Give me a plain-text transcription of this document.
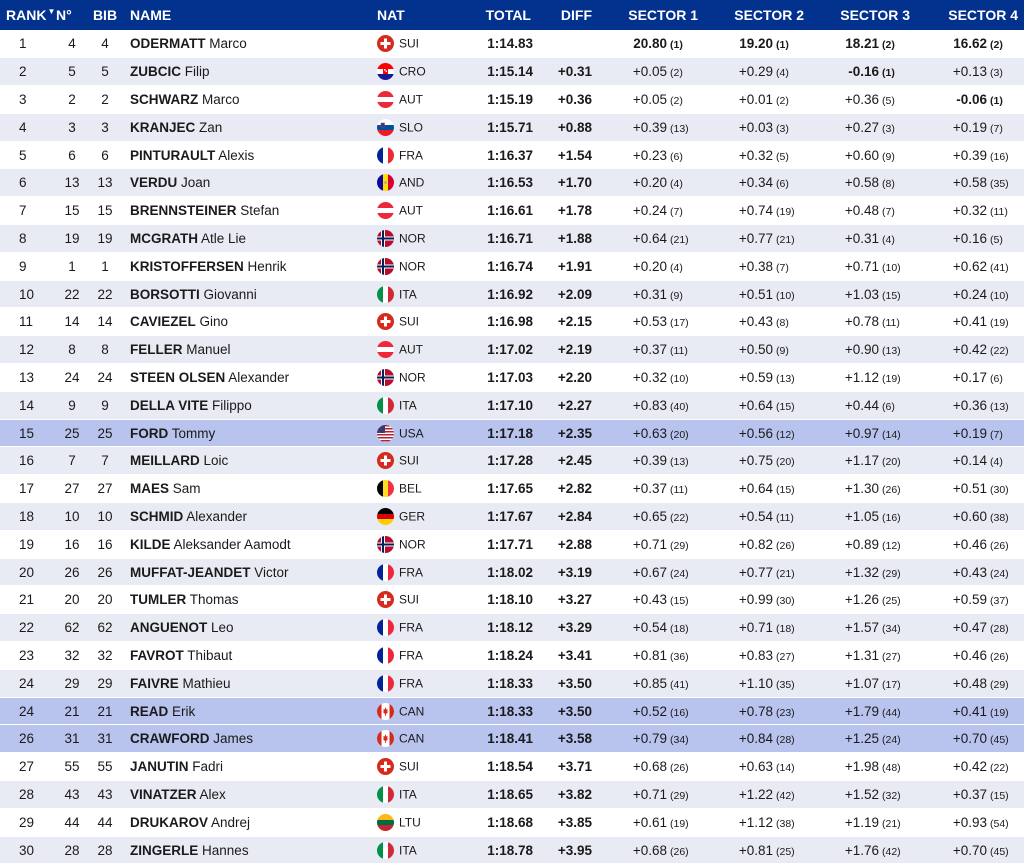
RANK▼	N°	BIB	NAME	NAT	TOTAL	DIFF	SECTOR 1	SECTOR 2	SECTOR 3	SECTOR 4
1	4	4	ODERMATT Marco	SUI	1:14.83		20.80 (1)	19.20 (1)	18.21 (2)	16.62 (2)
2	5	5	ZUBCIC Filip	CRO	1:15.14	+0.31	+0.05 (2)	+0.29 (4)	-0.16 (1)	+0.13 (3)
3	2	2	SCHWARZ Marco	AUT	1:15.19	+0.36	+0.05 (2)	+0.01 (2)	+0.36 (5)	-0.06 (1)
4	3	3	KRANJEC Zan	SLO	1:15.71	+0.88	+0.39 (13)	+0.03 (3)	+0.27 (3)	+0.19 (7)
5	6	6	PINTURAULT Alexis	FRA	1:16.37	+1.54	+0.23 (6)	+0.32 (5)	+0.60 (9)	+0.39 (16)
6	13	13	VERDU Joan	AND	1:16.53	+1.70	+0.20 (4)	+0.34 (6)	+0.58 (8)	+0.58 (35)
7	15	15	BRENNSTEINER Stefan	AUT	1:16.61	+1.78	+0.24 (7)	+0.74 (19)	+0.48 (7)	+0.32 (11)
8	19	19	MCGRATH Atle Lie	NOR	1:16.71	+1.88	+0.64 (21)	+0.77 (21)	+0.31 (4)	+0.16 (5)
9	1	1	KRISTOFFERSEN Henrik	NOR	1:16.74	+1.91	+0.20 (4)	+0.38 (7)	+0.71 (10)	+0.62 (41)
10	22	22	BORSOTTI Giovanni	ITA	1:16.92	+2.09	+0.31 (9)	+0.51 (10)	+1.03 (15)	+0.24 (10)
11	14	14	CAVIEZEL Gino	SUI	1:16.98	+2.15	+0.53 (17)	+0.43 (8)	+0.78 (11)	+0.41 (19)
12	8	8	FELLER Manuel	AUT	1:17.02	+2.19	+0.37 (11)	+0.50 (9)	+0.90 (13)	+0.42 (22)
13	24	24	STEEN OLSEN Alexander	NOR	1:17.03	+2.20	+0.32 (10)	+0.59 (13)	+1.12 (19)	+0.17 (6)
14	9	9	DELLA VITE Filippo	ITA	1:17.10	+2.27	+0.83 (40)	+0.64 (15)	+0.44 (6)	+0.36 (13)
15	25	25	FORD Tommy	USA	1:17.18	+2.35	+0.63 (20)	+0.56 (12)	+0.97 (14)	+0.19 (7)
16	7	7	MEILLARD Loic	SUI	1:17.28	+2.45	+0.39 (13)	+0.75 (20)	+1.17 (20)	+0.14 (4)
17	27	27	MAES Sam	BEL	1:17.65	+2.82	+0.37 (11)	+0.64 (15)	+1.30 (26)	+0.51 (30)
18	10	10	SCHMID Alexander	GER	1:17.67	+2.84	+0.65 (22)	+0.54 (11)	+1.05 (16)	+0.60 (38)
19	16	16	KILDE Aleksander Aamodt	NOR	1:17.71	+2.88	+0.71 (29)	+0.82 (26)	+0.89 (12)	+0.46 (26)
20	26	26	MUFFAT-JEANDET Victor	FRA	1:18.02	+3.19	+0.67 (24)	+0.77 (21)	+1.32 (29)	+0.43 (24)
21	20	20	TUMLER Thomas	SUI	1:18.10	+3.27	+0.43 (15)	+0.99 (30)	+1.26 (25)	+0.59 (37)
22	62	62	ANGUENOT Leo	FRA	1:18.12	+3.29	+0.54 (18)	+0.71 (18)	+1.57 (34)	+0.47 (28)
23	32	32	FAVROT Thibaut	FRA	1:18.24	+3.41	+0.81 (36)	+0.83 (27)	+1.31 (27)	+0.46 (26)
24	29	29	FAIVRE Mathieu	FRA	1:18.33	+3.50	+0.85 (41)	+1.10 (35)	+1.07 (17)	+0.48 (29)
24	21	21	READ Erik	CAN	1:18.33	+3.50	+0.52 (16)	+0.78 (23)	+1.79 (44)	+0.41 (19)
26	31	31	CRAWFORD James	CAN	1:18.41	+3.58	+0.79 (34)	+0.84 (28)	+1.25 (24)	+0.70 (45)
27	55	55	JANUTIN Fadri	SUI	1:18.54	+3.71	+0.68 (26)	+0.63 (14)	+1.98 (48)	+0.42 (22)
28	43	43	VINATZER Alex	ITA	1:18.65	+3.82	+0.71 (29)	+1.22 (42)	+1.52 (32)	+0.37 (15)
29	44	44	DRUKAROV Andrej	LTU	1:18.68	+3.85	+0.61 (19)	+1.12 (38)	+1.19 (21)	+0.93 (54)
30	28	28	ZINGERLE Hannes	ITA	1:18.78	+3.95	+0.68 (26)	+0.81 (25)	+1.76 (42)	+0.70 (45)
